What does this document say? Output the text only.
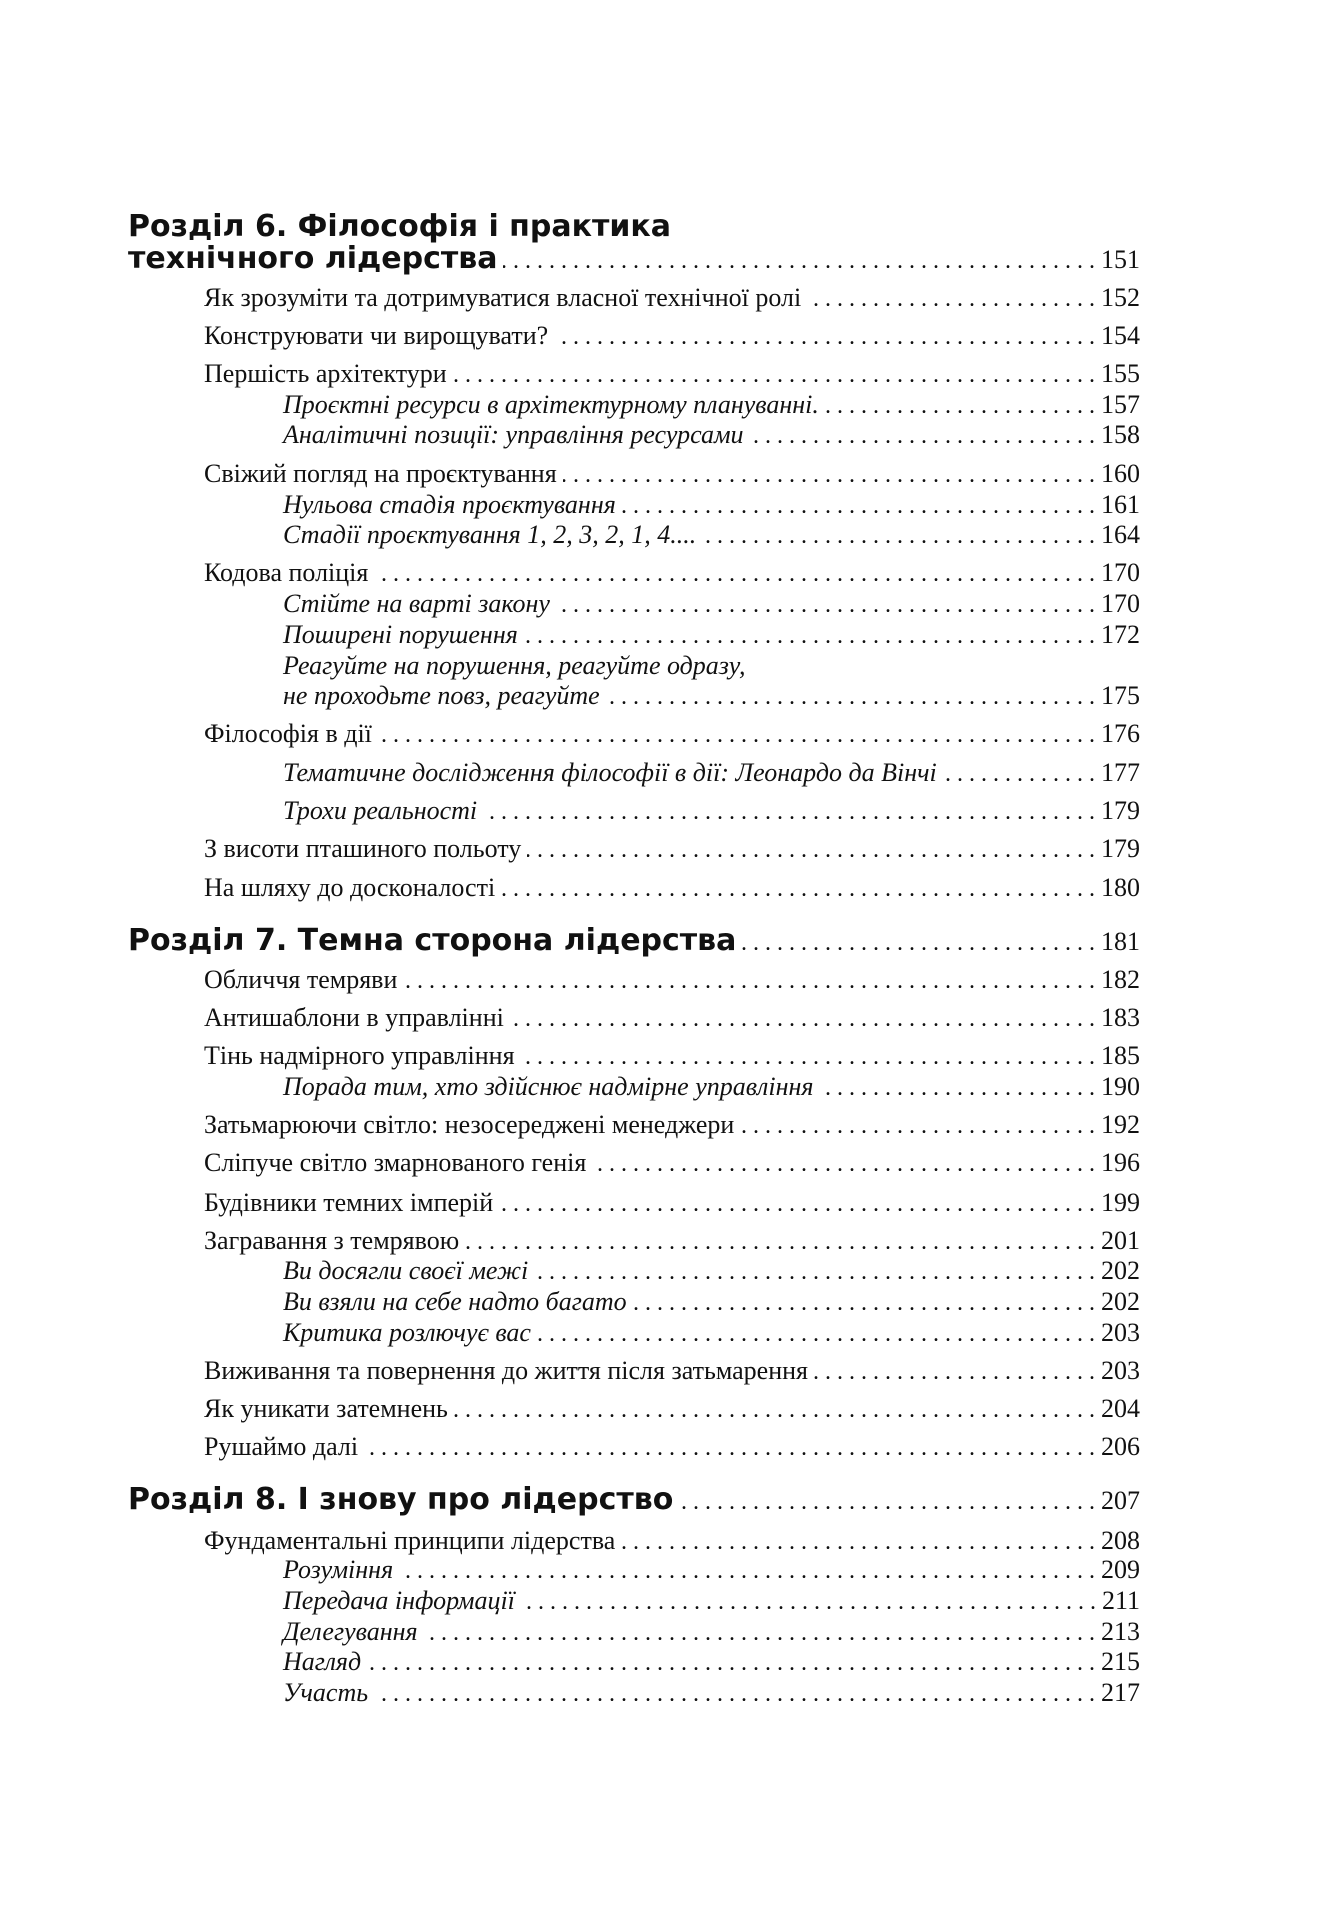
Розділ 6. Філософія і практика
технічного лідерства . . .	151
Як зрозуміти та дотримуватися власної технічної ролі . . .	152
Конструювати чи вирощувати? . . .	154
Першість архітектури . . .	155
Проєктні ресурси в архітектурному плануванні. . . .	157
Аналітичні позиції: управління ресурсами . . .	158
Свіжий погляд на проєктування . . .	160
Нульова стадія проєктування . . .	161
Стадії проєктування 1, 2, 3, 2, 1, 4.... . . .	164
Кодова поліція . . .	170
Стійте на варті закону . . .	170
Поширені порушення . . .	172
Реагуйте на порушення, реагуйте одразу,
не проходьте повз, реагуйте . . .	175
Філософія в дії . . .	176
Тематичне дослідження філософії в дії: Леонардо да Вінчі . . .	177
Трохи реальності . . .	179
З висоти пташиного польоту . . .	179
На шляху до досконалості . . .	180
Розділ 7. Темна сторона лідерства . . .	181
Обличчя темряви . . .	182
Антишаблони в управлінні . . .	183
Тінь надмірного управління . . .	185
Порада тим, хто здійснює надмірне управління . . .	190
Затьмарюючи світло: незосереджені менеджери . . .	192
Сліпуче світло змарнованого генія . . .	196
Будівники темних імперій . . .	199
Загравання з темрявою . . .	201
Ви досягли своєї межі . . .	202
Ви взяли на себе надто багато . . .	202
Критика розлючує вас . . .	203
Виживання та повернення до життя після затьмарення . . .	203
Як уникати затемнень . . .	204
Рушаймо далі . . .	206
Розділ 8. І знову про лідерство . . .	207
Фундаментальні принципи лідерства . . .	208
Розуміння . . .	209
Передача інформації . . .	211
Делегування . . .	213
Нагляд . . .	215
Участь . . .	217
